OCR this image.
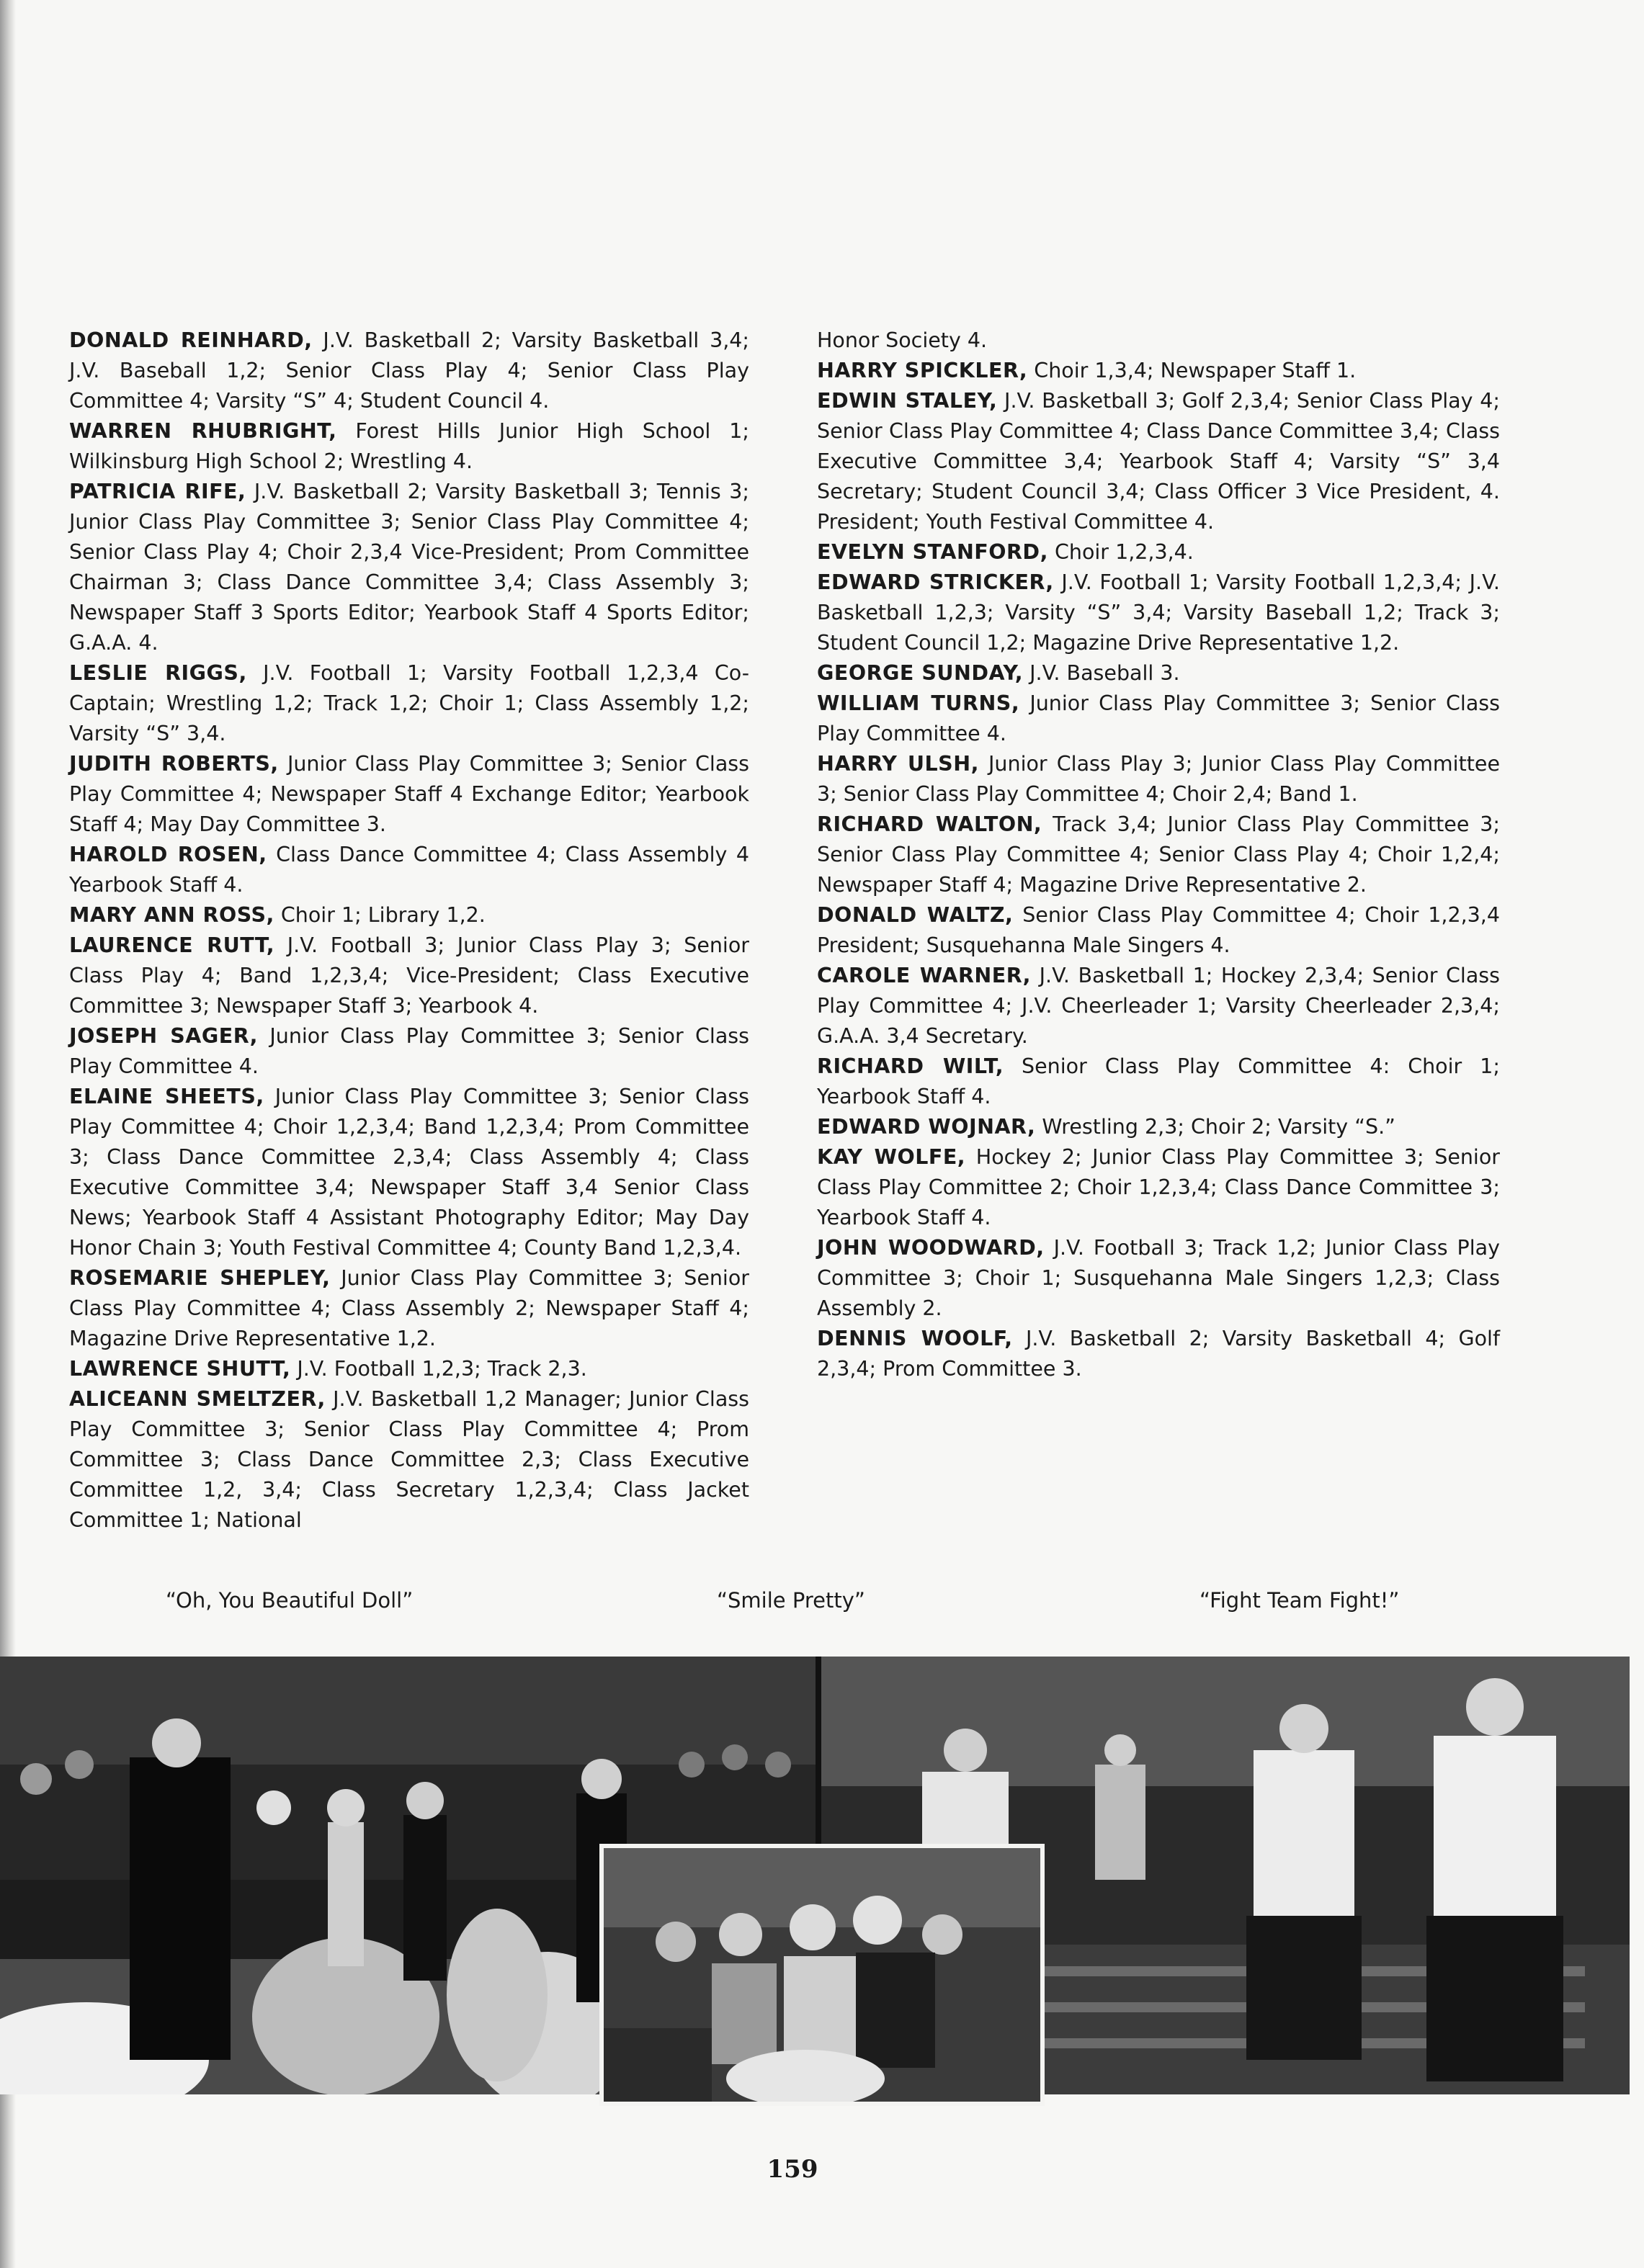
DONALD REINHARD, J.V. Basketball 2; Varsity Basketball 3,4; J.V. Baseball 1,2; Senior Class Play 4; Senior Class Play Committee 4; Varsity “S” 4; Student Council 4.

WARREN RHUBRIGHT, Forest Hills Junior High School 1; Wilkinsburg High School 2; Wrestling 4.

PATRICIA RIFE, J.V. Basketball 2; Varsity Basketball 3; Tennis 3; Junior Class Play Committee 3; Senior Class Play Committee 4; Senior Class Play 4; Choir 2,3,4 Vice-President; Prom Committee Chairman 3; Class Dance Committee 3,4; Class Assembly 3; Newspaper Staff 3 Sports Editor; Yearbook Staff 4 Sports Editor; G.A.A. 4.

LESLIE RIGGS, J.V. Football 1; Varsity Football 1,2,3,4 Co-Captain; Wrestling 1,2; Track 1,2; Choir 1; Class Assembly 1,2; Varsity “S” 3,4.

JUDITH ROBERTS, Junior Class Play Committee 3; Senior Class Play Committee 4; Newspaper Staff 4 Exchange Editor; Yearbook Staff 4; May Day Committee 3.

HAROLD ROSEN, Class Dance Committee 4; Class Assembly 4 Yearbook Staff 4.

MARY ANN ROSS, Choir 1; Library 1,2.

LAURENCE RUTT, J.V. Football 3; Junior Class Play 3; Senior Class Play 4; Band 1,2,3,4; Vice-President; Class Executive Committee 3; Newspaper Staff 3; Yearbook 4.

JOSEPH SAGER, Junior Class Play Committee 3; Senior Class Play Committee 4.

ELAINE SHEETS, Junior Class Play Committee 3; Senior Class Play Committee 4; Choir 1,2,3,4; Band 1,2,3,4; Prom Committee 3; Class Dance Committee 2,3,4; Class Assembly 4; Class Executive Committee 3,4; Newspaper Staff 3,4 Senior Class News; Yearbook Staff 4 Assistant Photography Editor; May Day Honor Chain 3; Youth Festival Committee 4; County Band 1,2,3,4.

ROSEMARIE SHEPLEY, Junior Class Play Committee 3; Senior Class Play Committee 4; Class Assembly 2; Newspaper Staff 4; Magazine Drive Representative 1,2.

LAWRENCE SHUTT, J.V. Football 1,2,3; Track 2,3.

ALICEANN SMELTZER, J.V. Basketball 1,2 Manager; Junior Class Play Committee 3; Senior Class Play Committee 4; Prom Committee 3; Class Dance Committee 2,3; Class Executive Committee 1,2, 3,4; Class Secretary 1,2,3,4; Class Jacket Committee 1; National

Honor Society 4.

HARRY SPICKLER, Choir 1,3,4; Newspaper Staff 1.

EDWIN STALEY, J.V. Basketball 3; Golf 2,3,4; Senior Class Play 4; Senior Class Play Committee 4; Class Dance Committee 3,4; Class Executive Committee 3,4; Yearbook Staff 4; Varsity “S” 3,4 Secretary; Student Council 3,4; Class Officer 3 Vice President, 4. President; Youth Festival Committee 4.

EVELYN STANFORD, Choir 1,2,3,4.

EDWARD STRICKER, J.V. Football 1; Varsity Football 1,2,3,4; J.V. Basketball 1,2,3; Varsity “S” 3,4; Varsity Baseball 1,2; Track 3; Student Council 1,2; Magazine Drive Representative 1,2.

GEORGE SUNDAY, J.V. Baseball 3.

WILLIAM TURNS, Junior Class Play Committee 3; Senior Class Play Committee 4.

HARRY ULSH, Junior Class Play 3; Junior Class Play Committee 3; Senior Class Play Committee 4; Choir 2,4; Band 1.

RICHARD WALTON, Track 3,4; Junior Class Play Committee 3; Senior Class Play Committee 4; Senior Class Play 4; Choir 1,2,4; Newspaper Staff 4; Magazine Drive Representative 2.

DONALD WALTZ, Senior Class Play Committee 4; Choir 1,2,3,4 President; Susquehanna Male Singers 4.

CAROLE WARNER, J.V. Basketball 1; Hockey 2,3,4; Senior Class Play Committee 4; J.V. Cheerleader 1; Varsity Cheerleader 2,3,4; G.A.A. 3,4 Secretary.

RICHARD WILT, Senior Class Play Committee 4: Choir 1; Yearbook Staff 4.

EDWARD WOJNAR, Wrestling 2,3; Choir 2; Varsity “S.”

KAY WOLFE, Hockey 2; Junior Class Play Committee 3; Senior Class Play Committee 2; Choir 1,2,3,4; Class Dance Committee 3; Yearbook Staff 4.

JOHN WOODWARD, J.V. Football 3; Track 1,2; Junior Class Play Committee 3; Choir 1; Susquehanna Male Singers 1,2,3; Class Assembly 2.

DENNIS WOOLF, J.V. Basketball 2; Varsity Basketball 4; Golf 2,3,4; Prom Committee 3.

“Oh, You Beautiful Doll”	“Smile Pretty”	“Fight Team Fight!”
159
